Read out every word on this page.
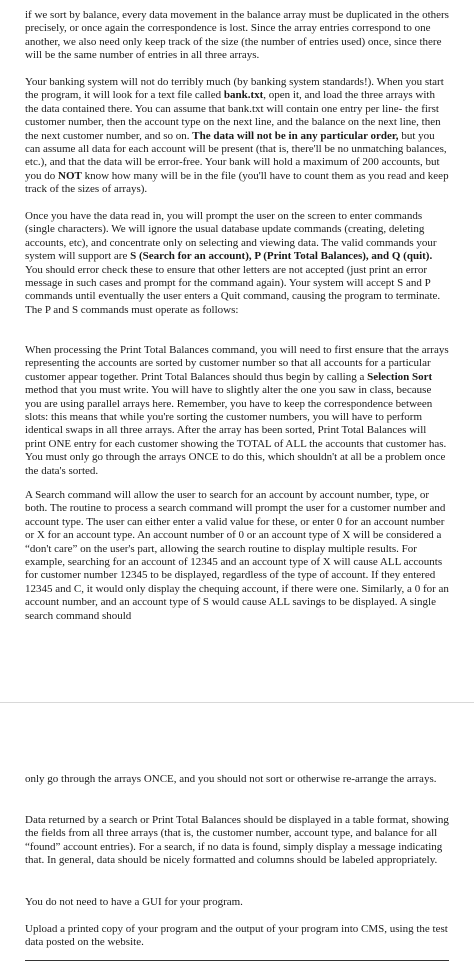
if we sort by balance, every data movement in the balance array must be duplicated in the others precisely, or once again the correspondence is lost. Since the array entries correspond to one another, we also need only keep track of the size (the number of entries used) once, since there will be the same number of entries in all three arrays.

Your banking system will not do terribly much (by banking system standards!). When you start the program, it will look for a text file called bank.txt, open it, and load the three arrays with the data contained there. You can assume that bank.txt will contain one entry per line- the first customer number, then the account type on the next line, and the balance on the next line, then the next customer number, and so on. The data will not be in any particular order, but you can assume all data for each account will be present (that is, there'll be no unmatching balances, etc.), and that the data will be error-free. Your bank will hold a maximum of 200 accounts, but you do NOT know how many will be in the file (you'll have to count them as you read and keep track of the sizes of arrays).

Once you have the data read in, you will prompt the user on the screen to enter commands (single characters). We will ignore the usual database update commands (creating, deleting accounts, etc), and concentrate only on selecting and viewing data. The valid commands your system will support are S (Search for an account), P (Print Total Balances), and Q (quit). You should error check these to ensure that other letters are not accepted (just print an error message in such cases and prompt for the command again). Your system will accept S and P commands until eventually the user enters a Quit command, causing the program to terminate. The P and S commands must operate as follows:

When processing the Print Total Balances command, you will need to first ensure that the arrays representing the accounts are sorted by customer number so that all accounts for a particular customer appear together. Print Total Balances should thus begin by calling a Selection Sort method that you must write. You will have to slightly alter the one you saw in class, because you are using parallel arrays here. Remember, you have to keep the correspondence between slots: this means that while you're sorting the customer numbers, you will have to perform identical swaps in all three arrays. After the array has been sorted, Print Total Balances will print ONE entry for each customer showing the TOTAL of ALL the accounts that customer has. You must only go through the arrays ONCE to do this, which shouldn't at all be a problem once the data's sorted.

A Search command will allow the user to search for an account by account number, type, or both. The routine to process a search command will prompt the user for a customer number and account type. The user can either enter a valid value for these, or enter 0 for an account number or X for an account type. An account number of 0 or an account type of X will be considered a “don't care” on the user's part, allowing the search routine to display multiple results. For example, searching for an account of 12345 and an account type of X will cause ALL accounts for customer number 12345 to be displayed, regardless of the type of account. If they entered 12345 and C, it would only display the chequing account, if there were one. Similarly, a 0 for an account number, and an account type of S would cause ALL savings to be displayed. A single search command should

only go through the arrays ONCE, and you should not sort or otherwise re-arrange the arrays.

Data returned by a search or Print Total Balances should be displayed in a table format, showing the fields from all three arrays (that is, the customer number, account type, and balance for all “found” account entries). For a search, if no data is found, simply display a message indicating that. In general, data should be nicely formatted and columns should be labeled appropriately.

You do not need to have a GUI for your program.

Upload a printed copy of your program and the output of your program into CMS, using the test data posted on the website.
